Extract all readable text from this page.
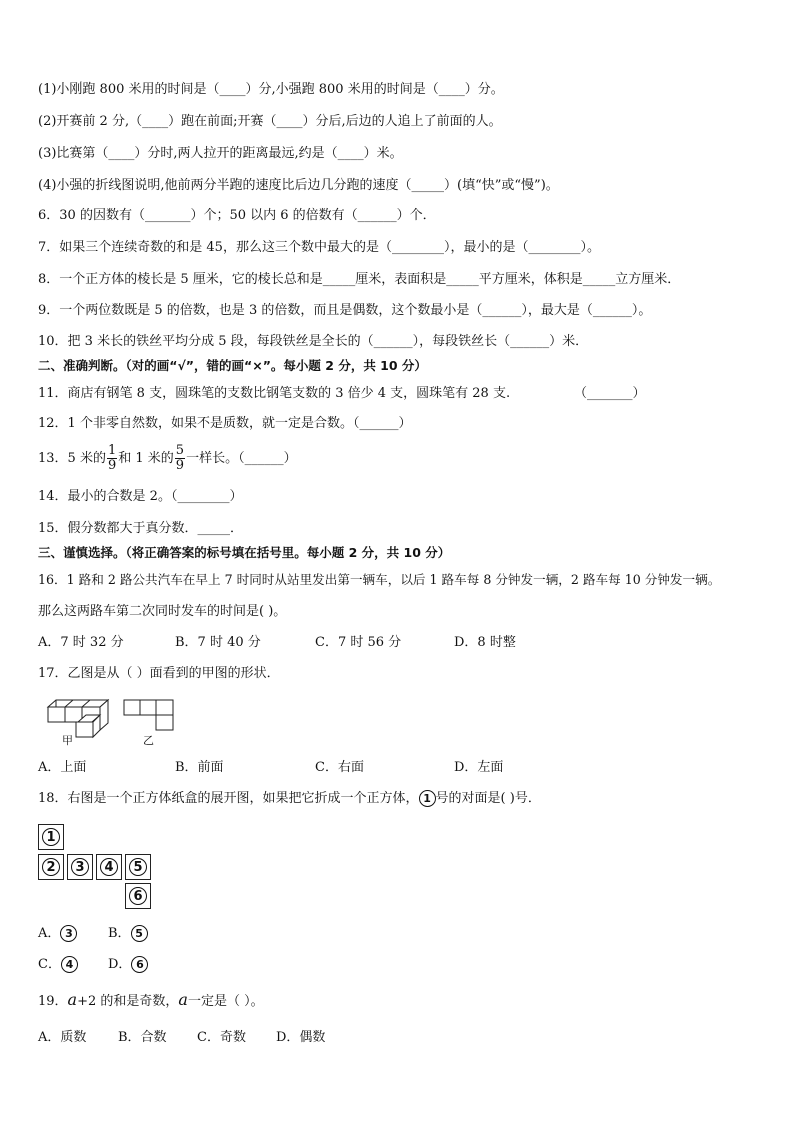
(1)小刚跑 800 米用的时间是（____）分,小强跑 800 米用的时间是（____）分。
(2)开赛前 2 分,（____）跑在前面;开赛（____）分后,后边的人追上了前面的人。
(3)比赛第（____）分时,两人拉开的距离最远,约是（____）米。
(4)小强的折线图说明,他前两分半跑的速度比后边几分跑的速度（_____）(填“快”或“慢”)。
6．30 的因数有（_______）个；50 以内 6 的倍数有（______）个．
7．如果三个连续奇数的和是 45，那么这三个数中最大的是（________），最小的是（________）。
8．一个正方体的棱长是 5 厘米，它的棱长总和是_____厘米，表面积是_____平方厘米，体积是_____立方厘米．
9．一个两位数既是 5 的倍数，也是 3 的倍数，而且是偶数，这个数最小是（______），最大是（______）。
10．把 3 米长的铁丝平均分成 5 段，每段铁丝是全长的（______），每段铁丝长（______）米．
二、准确判断。（对的画“√”，错的画“×”。每小题 2 分，共 10 分）
11．商店有钢笔 8 支，圆珠笔的支数比钢笔支数的 3 倍少 4 支，圆珠笔有 28 支.	（_______）
12．1 个非零自然数，如果不是质数，就一定是合数。（______）
13．5 米的 $\frac{1}{9}$ 和 1 米的 $\frac{5}{9}$ 一样长。（______）
14．最小的合数是 2。（________）
15．假分数都大于真分数．_____．
三、谨慎选择。（将正确答案的标号填在括号里。每小题 2 分，共 10 分）
16．1 路和 2 路公共汽车在早上 7 时同时从站里发出第一辆车，以后 1 路车每 8 分钟发一辆，2 路车每 10 分钟发一辆。
那么这两路车第二次同时发车的时间是( )。
A．7 时 32 分	B．7 时 40 分	C．7 时 56 分	D．8 时整
17．乙图是从（ ）面看到的甲图的形状．
甲	乙
A．上面	B．前面	C．右面	D．左面
18．右图是一个正方体纸盒的展开图，如果把它折成一个正方体， 1 号的对面是( )号．
1
2	3	4	5
6
A． 3	B． 5
C． 4	D． 6
19．a+2 的和是奇数，a一定是（ ）。
A．质数 B．合数 C．奇数 D．偶数
